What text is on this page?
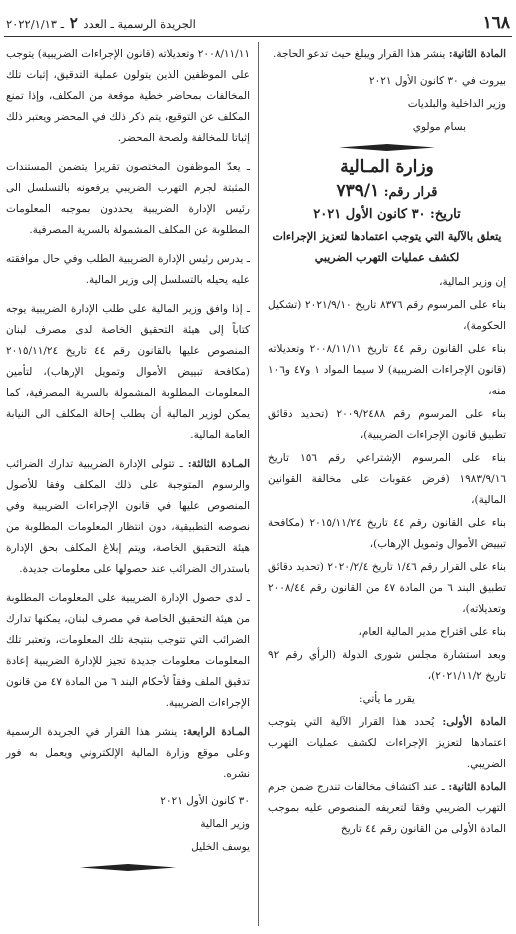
١٦٨
الجريدة الرسمية ـ العدد ٢ ـ ٢٠٢٢/١/١٣
المادة الثانية: ينشر هذا القرار ويبلغ حيث تدعو الحاجة.
بيروت في ٣٠ كانون الأول ٢٠٢١
وزير الداخلية والبلديات
بسام مولوي
وزارة المـالية
قرار رقم: ٧٣٩/١
تاريخ: ٣٠ كانون الأول ٢٠٢١
يتعلق بالآلية التي يتوجب اعتمادها لتعزيز الإجراءات لكشف عمليات التهرب الضريبي
إن وزير المالية،
بناء على المرسوم رقم ٨٣٧٦ تاريخ ٢٠٢١/٩/١٠ (تشكيل الحكومة)،
بناء على القانون رقم ٤٤ تاريخ ٢٠٠٨/١١/١١ وتعديلاته (قانون الإجراءات الضريبية) لا سيما المواد ١ و٤٧ و١٠٦ منه،
بناء على المرسوم رقم ٢٠٠٩/٢٤٨٨ (تحديد دقائق تطبيق قانون الإجراءات الضريبية)،
بناء على المرسوم الإشتراعي رقم ١٥٦ تاريخ ١٩٨٣/٩/١٦ (فرض عقوبات على مخالفة القوانين المالية)،
بناء على القانون رقم ٤٤ تاريخ ٢٠١٥/١١/٢٤ (مكافحة تبييض الأموال وتمويل الإرهاب)،
بناء على القرار رقم ١/٤٦ تاريخ ٢٠٢٠/٢/٤ (تحديد دقائق تطبيق البند ٦ من المادة ٤٧ من القانون رقم ٢٠٠٨/٤٤ وتعديلاته)،
بناء على اقتراح مدير المالية العام،
وبعد استشارة مجلس شورى الدولة (الرأي رقم ٩٢ تاريخ ٢٠٢١/١١/٢)،
يقرر ما يأتي:
المادة الأولى: يُحدد هذا القرار الآلية التي يتوجب اعتمادها لتعزيز الإجراءات لكشف عمليات التهرب الضريبي.
المادة الثانية: ـ عند اكتشاف مخالفات تندرج ضمن جرم التهرب الضريبي وفقا لتعريفه المنصوص عليه بموجب المادة الأولى من القانون رقم ٤٤ تاريخ
٢٠٠٨/١١/١١ وتعديلاته (قانون الإجراءات الضريبية) يتوجب على الموظفين الذين يتولون عملية التدقيق، إثبات تلك المخالفات بمحاضر خطية موقعة من المكلف، وإذا تمنع المكلف عن التوقيع، يتم ذكر ذلك في المحضر ويعتبر ذلك إثباتا للمخالفة ولصحة المحضر.
ـ يعدّ الموظفون المختصون تقريرا يتضمن المستندات المثبتة لجرم التهرب الضريبي يرفعونه بالتسلسل الى رئيس الإدارة الضريبية يحددون بموجبه المعلومات المطلوبة عن المكلف المشمولة بالسرية المصرفية.
ـ يدرس رئيس الإدارة الضريبية الطلب وفي حال موافقته عليه يحيله بالتسلسل إلى وزير المالية.
ـ إذا وافق وزير المالية على طلب الإدارة الضريبية يوجه كتاباً إلى هيئة التحقيق الخاصة لدى مصرف لبنان المنصوص عليها بالقانون رقم ٤٤ تاريخ ٢٠١٥/١١/٢٤ (مكافحة تبييض الأموال وتمويل الإرهاب)، لتأمين المعلومات المطلوبة المشمولة بالسرية المصرفية، كما يمكن لوزير المالية أن يطلب إحالة المكلف الى النيابة العامة المالية.
المـادة الثالثة: ـ تتولى الإدارة الضريبية تدارك الضرائب والرسوم المتوجبة على ذلك المكلف وفقا للأصول المنصوص عليها في قانون الإجراءات الضريبية وفي نصوصه التطبيقية، دون انتظار المعلومات المطلوبة من هيئة التحقيق الخاصة، ويتم إبلاغ المكلف بحق الإدارة باستدراك الضرائب عند حصولها على معلومات جديدة.
ـ لدى حصول الإدارة الضريبية على المعلومات المطلوبة من هيئة التحقيق الخاصة في مصرف لبنان، يمكنها تدارك الضرائب التي تتوجب بنتيجة تلك المعلومات، وتعتبر تلك المعلومات معلومات جديدة تجيز للإدارة الضريبية إعادة تدقيق الملف وفقاً لأحكام البند ٦ من المادة ٤٧ من قانون الإجراءات الضريبية.
المـادة الرابعة: ينشر هذا القرار في الجريدة الرسمية وعلى موقع وزارة المالية الإلكتروني ويعمل به فور نشره.
٣٠ كانون الأول ٢٠٢١
وزير المالية
يوسف الخليل
